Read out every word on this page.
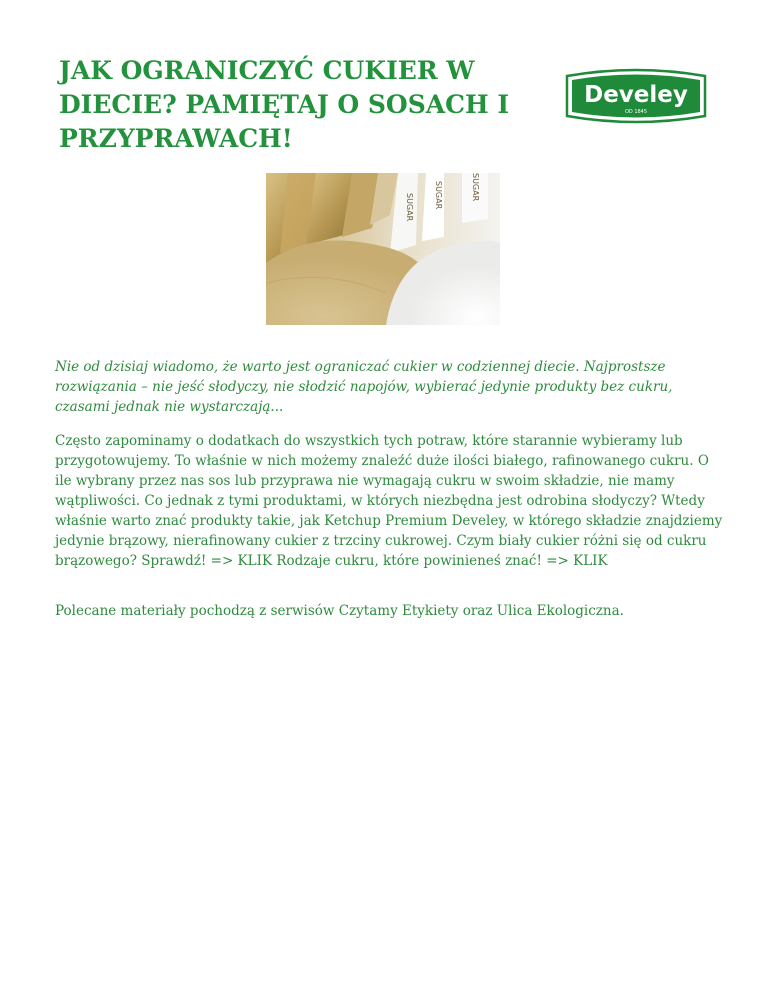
JAK OGRANICZYĆ CUKIER W DIECIE? PAMIĘTAJ O SOSACH I PRZYPRAWACH!
Develey
OD 1845
SUGAR	SUGAR	SUGAR

Nie od dzisiaj wiadomo, że warto jest ograniczać cukier w codziennej diecie. Najprostsze rozwiązania – nie jeść słodyczy, nie słodzić napojów, wybierać jedynie produkty bez cukru, czasami jednak nie wystarczają...

Często zapominamy o dodatkach do wszystkich tych potraw, które starannie wybieramy lub przygotowujemy. To właśnie w nich możemy znaleźć duże ilości białego, rafinowanego cukru. O ile wybrany przez nas sos lub przyprawa nie wymagają cukru w swoim składzie, nie mamy wątpliwości. Co jednak z tymi produktami, w których niezbędna jest odrobina słodyczy? Wtedy właśnie warto znać produkty takie, jak Ketchup Premium Develey, w którego składzie znajdziemy jedynie brązowy, nierafinowany cukier z trzciny cukrowej. Czym biały cukier różni się od cukru brązowego? Sprawdź! => KLIK Rodzaje cukru, które powinieneś znać! => KLIK

Polecane materiały pochodzą z serwisów Czytamy Etykiety oraz Ulica Ekologiczna.
